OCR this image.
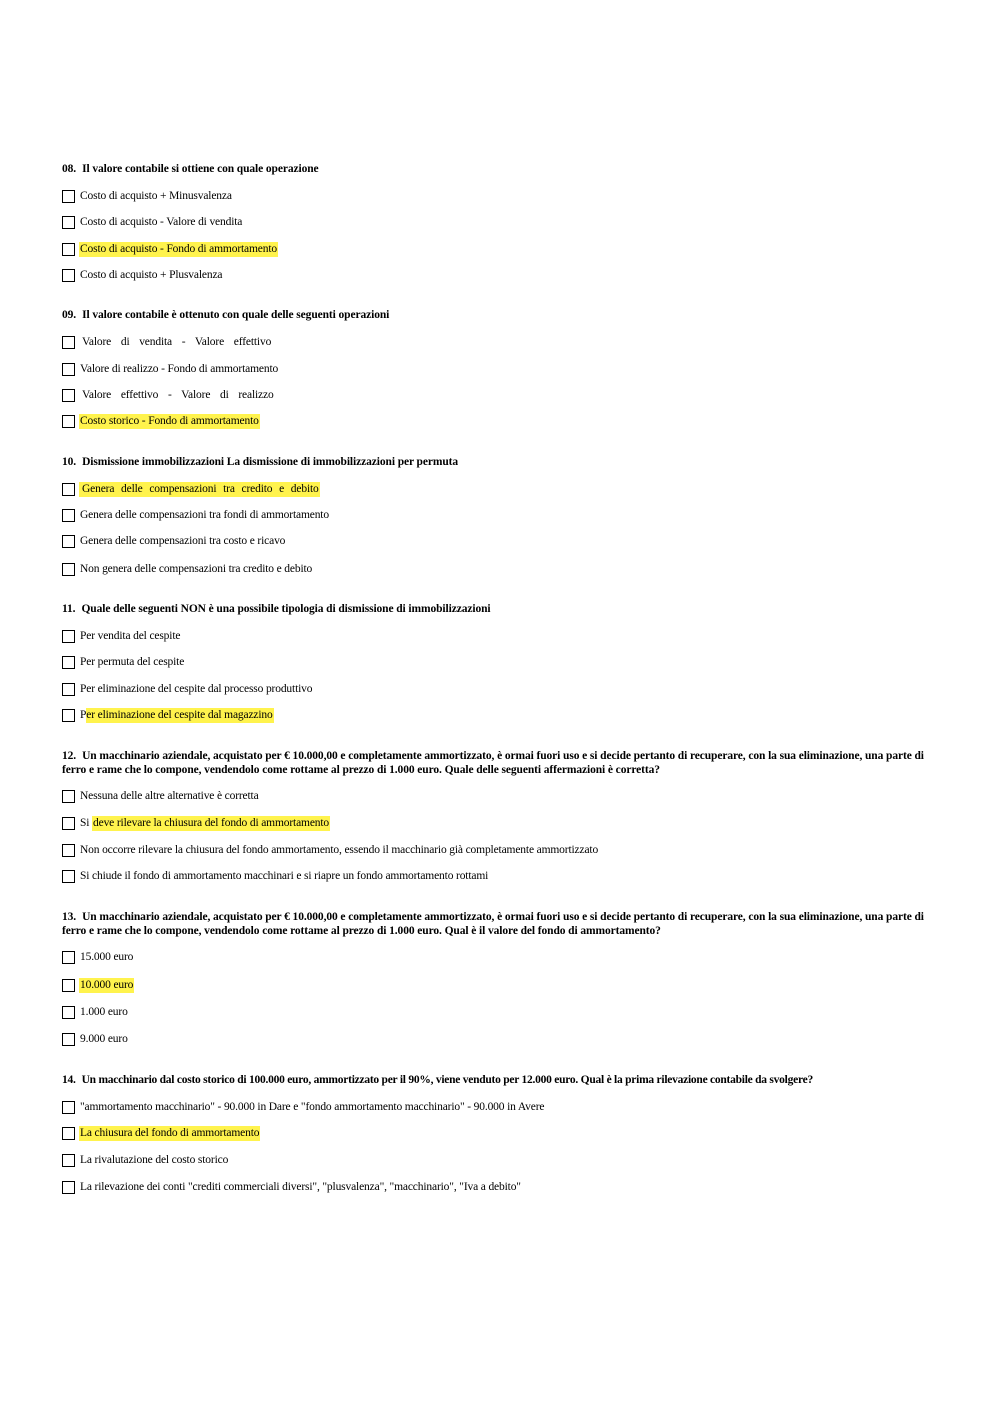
08. Il valore contabile si ottiene con quale operazione

Costo di acquisto + Minusvalenza
Costo di acquisto - Valore di vendita
Costo di acquisto - Fondo di ammortamento
Costo di acquisto + Plusvalenza

09. Il valore contabile è ottenuto con quale delle seguenti operazioni

Valore di vendita - Valore effettivo
Valore di realizzo - Fondo di ammortamento
Valore effettivo - Valore di realizzo
Costo storico - Fondo di ammortamento

10. Dismissione immobilizzazioni La dismissione di immobilizzazioni per permuta

Genera delle compensazioni tra credito e debito
Genera delle compensazioni tra fondi di ammortamento
Genera delle compensazioni tra costo e ricavo
Non genera delle compensazioni tra credito e debito

11. Quale delle seguenti NON è una possibile tipologia di dismissione di immobilizzazioni

Per vendita del cespite
Per permuta del cespite
Per eliminazione del cespite dal processo produttivo
P er eliminazione del cespite dal magazzino

12. Un macchinario aziendale, acquistato per € 10.000,00 e completamente ammortizzato, è ormai fuori uso e si decide pertanto di recuperare, con la sua eliminazione, una parte di ferro e rame che lo compone, vendendolo come rottame al prezzo di 1.000 euro. Quale delle seguenti affermazioni è corretta?

Nessuna delle altre alternative è corretta
Si deve rilevare la chiusura del fondo di ammortamento
Non occorre rilevare la chiusura del fondo ammortamento, essendo il macchinario già completamente ammortizzato
Si chiude il fondo di ammortamento macchinari e si riapre un fondo ammortamento rottami

13. Un macchinario aziendale, acquistato per € 10.000,00 e completamente ammortizzato, è ormai fuori uso e si decide pertanto di recuperare, con la sua eliminazione, una parte di ferro e rame che lo compone, vendendolo come rottame al prezzo di 1.000 euro. Qual è il valore del fondo di ammortamento?

15.000 euro
10.000 euro
1.000 euro
9.000 euro

14. Un macchinario dal costo storico di 100.000 euro, ammortizzato per il 90%, viene venduto per 12.000 euro. Qual è la prima rilevazione contabile da svolgere?

"ammortamento macchinario" - 90.000 in Dare e "fondo ammortamento macchinario" - 90.000 in Avere
La chiusura del fondo di ammortamento
La rivalutazione del costo storico
La rilevazione dei conti "crediti commerciali diversi", "plusvalenza", "macchinario", "Iva a debito"
